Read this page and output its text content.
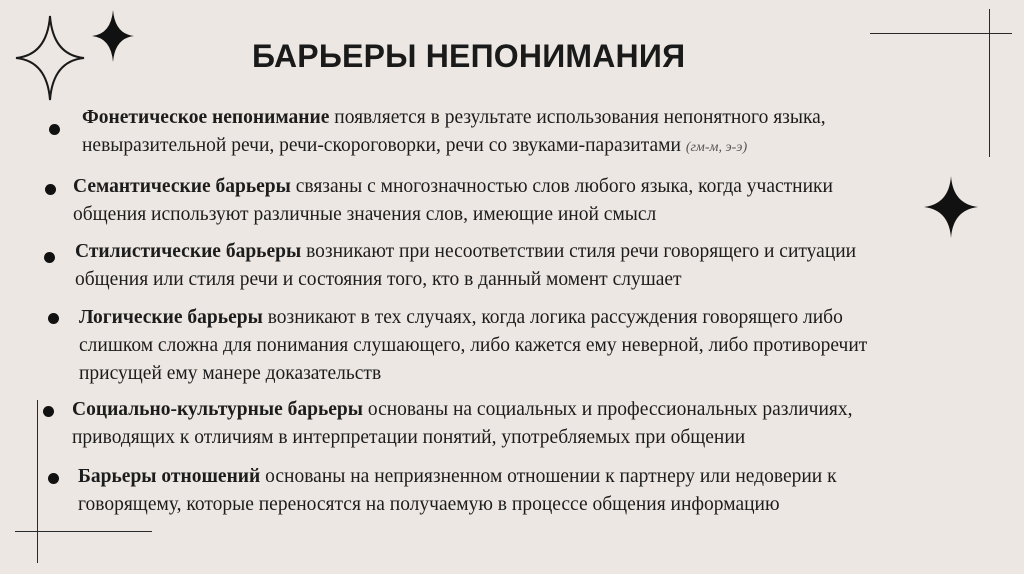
БАРЬЕРЫ НЕПОНИМАНИЯ
Фонетическое непонимание появляется в результате использования непонятного языка,
невыразительной речи, речи-скороговорки, речи со звуками-паразитами (гм-м, э-э)
Семантические барьеры связаны с многозначностью слов любого языка, когда участники
общения используют различные значения слов, имеющие иной смысл
Стилистические барьеры возникают при несоответствии стиля речи говорящего и ситуации
общения или стиля речи и состояния того, кто в данный момент слушает
Логические барьеры возникают в тех случаях, когда логика рассуждения говорящего либо
слишком сложна для понимания слушающего, либо кажется ему неверной, либо противоречит
присущей ему манере доказательств
Социально-культурные барьеры основаны на социальных и профессиональных различиях,
приводящих к отличиям в интерпретации понятий, употребляемых при общении
Барьеры отношений основаны на неприязненном отношении к партнеру или недоверии к
говорящему, которые переносятся на получаемую в процессе общения информацию
